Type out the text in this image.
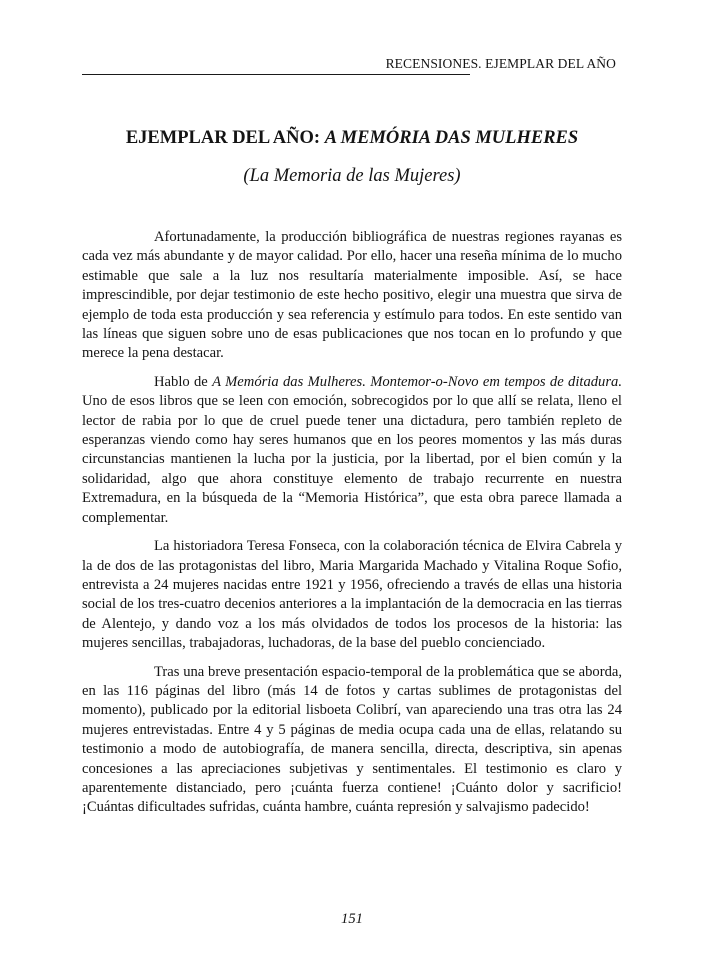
RECENSIONES. EJEMPLAR DEL AÑO
EJEMPLAR DEL AÑO: A MEMÓRIA DAS MULHERES
(La Memoria de las Mujeres)

Afortunadamente, la producción bibliográfica de nuestras regiones rayanas es cada vez más abundante y de mayor calidad. Por ello, hacer una reseña mínima de lo mucho estimable que sale a la luz nos resultaría materialmente imposible. Así, se hace imprescindible, por dejar testimonio de este hecho positivo, elegir una muestra que sirva de ejemplo de toda esta producción y sea referencia y estímulo para todos. En este sentido van las líneas que siguen sobre uno de esas publicaciones que nos tocan en lo profundo y que merece la pena destacar.

Hablo de A Memória das Mulheres. Montemor-o-Novo em tempos de ditadura. Uno de esos libros que se leen con emoción, sobrecogidos por lo que allí se relata, lleno el lector de rabia por lo que de cruel puede tener una dictadura, pero también repleto de esperanzas viendo como hay seres humanos que en los peores momentos y las más duras circunstancias mantienen la lucha por la justicia, por la libertad, por el bien común y la solidaridad, algo que ahora constituye elemento de trabajo recurrente en nuestra Extremadura, en la búsqueda de la “Memoria Histórica”, que esta obra parece llamada a complementar.

La historiadora Teresa Fonseca, con la colaboración técnica de Elvira Cabrela y la de dos de las protagonistas del libro, Maria Margarida Machado y Vitalina Roque Sofio, entrevista a 24 mujeres nacidas entre 1921 y 1956, ofreciendo a través de ellas una historia social de los tres-cuatro decenios anteriores a la implantación de la democracia en las tierras de Alentejo, y dando voz a los más olvidados de todos los procesos de la historia: las mujeres sencillas, trabajadoras, luchadoras, de la base del pueblo concienciado.

Tras una breve presentación espacio-temporal de la problemática que se aborda, en las 116 páginas del libro (más 14 de fotos y cartas sublimes de protagonistas del momento), publicado por la editorial lisboeta Colibrí, van apareciendo una tras otra las 24 mujeres entrevistadas. Entre 4 y 5 páginas de media ocupa cada una de ellas, relatando su testimonio a modo de autobiografía, de manera sencilla, directa, descriptiva, sin apenas concesiones a las apreciaciones subjetivas y sentimentales. El testimonio es claro y aparentemente distanciado, pero ¡cuánta fuerza contiene! ¡Cuánto dolor y sacrificio! ¡Cuántas dificultades sufridas, cuánta hambre, cuánta represión y salvajismo padecido!

151
